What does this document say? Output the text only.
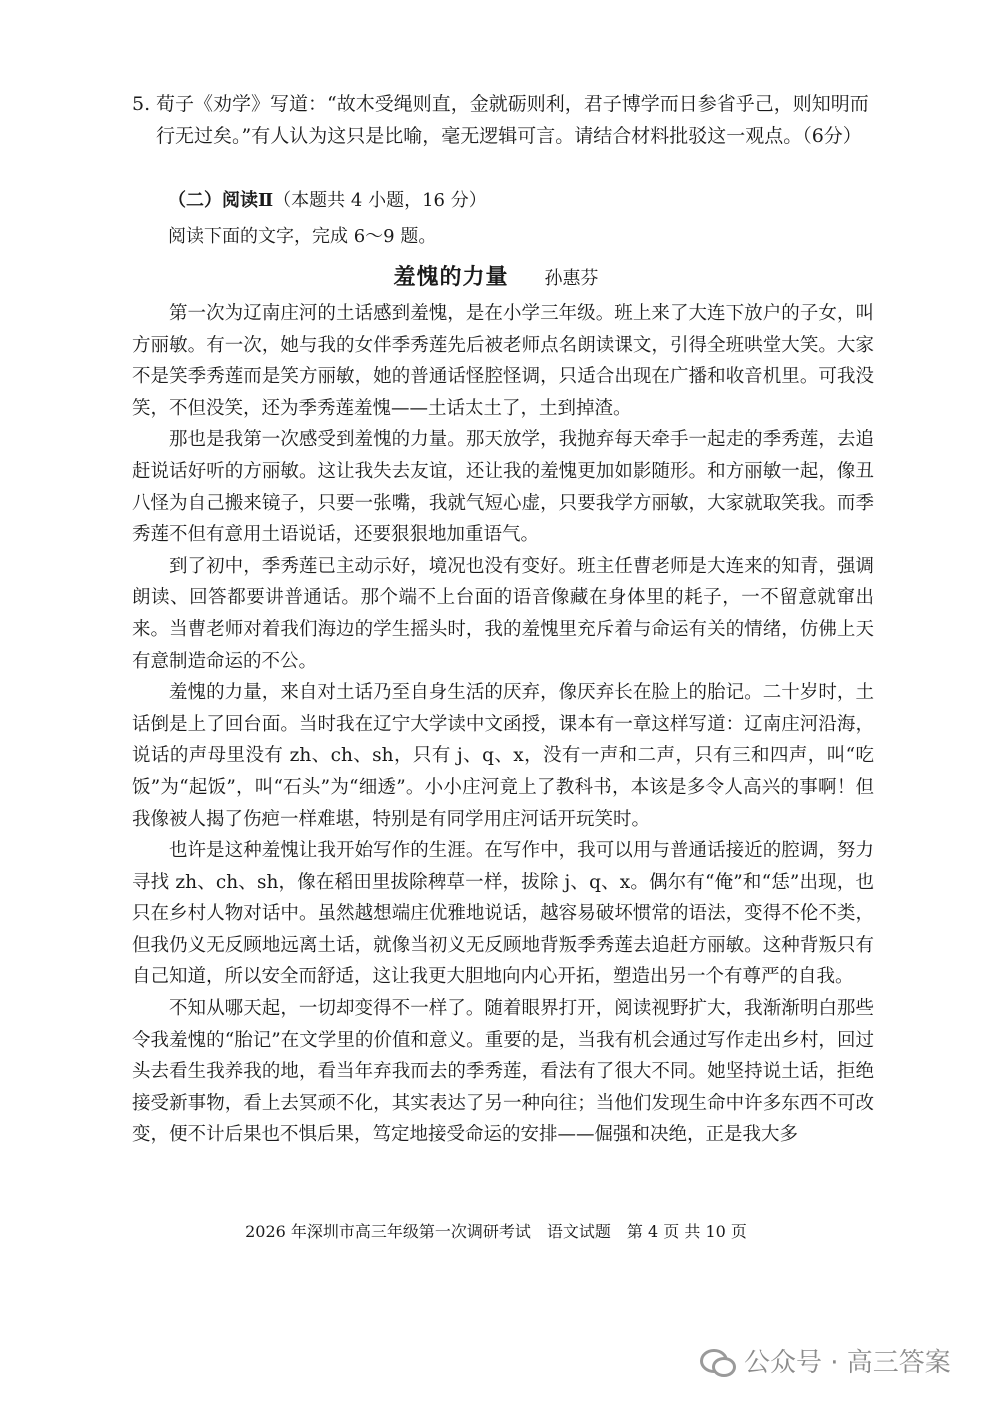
5. 荀子《劝学》写道：“故木受绳则直，金就砺则利，君子博学而日参省乎己，则知明而行无过矣。”有人认为这只是比喻，毫无逻辑可言。请结合材料批驳这一观点。（6分）
（二）阅读Ⅱ（本题共 4 小题，16 分）
阅读下面的文字，完成 6～9 题。
羞愧的力量 孙惠芬

第一次为辽南庄河的土话感到羞愧，是在小学三年级。班上来了大连下放户的子女，叫方丽敏。有一次，她与我的女伴季秀莲先后被老师点名朗读课文，引得全班哄堂大笑。大家不是笑季秀莲而是笑方丽敏，她的普通话怪腔怪调，只适合出现在广播和收音机里。可我没笑，不但没笑，还为季秀莲羞愧——土话太土了，土到掉渣。

那也是我第一次感受到羞愧的力量。那天放学，我抛弃每天牵手一起走的季秀莲，去追赶说话好听的方丽敏。这让我失去友谊，还让我的羞愧更加如影随形。和方丽敏一起，像丑八怪为自己搬来镜子，只要一张嘴，我就气短心虚，只要我学方丽敏，大家就取笑我。而季秀莲不但有意用土语说话，还要狠狠地加重语气。

到了初中，季秀莲已主动示好，境况也没有变好。班主任曹老师是大连来的知青，强调朗读、回答都要讲普通话。那个端不上台面的语音像藏在身体里的耗子，一不留意就窜出来。当曹老师对着我们海边的学生摇头时，我的羞愧里充斥着与命运有关的情绪，仿佛上天有意制造命运的不公。

羞愧的力量，来自对土话乃至自身生活的厌弃，像厌弃长在脸上的胎记。二十岁时，土话倒是上了回台面。当时我在辽宁大学读中文函授，课本有一章这样写道：辽南庄河沿海，说话的声母里没有 zh、ch、sh，只有 j、q、x，没有一声和二声，只有三和四声，叫“吃饭”为“起饭”，叫“石头”为“细透”。小小庄河竟上了教科书，本该是多令人高兴的事啊！但我像被人揭了伤疤一样难堪，特别是有同学用庄河话开玩笑时。

也许是这种羞愧让我开始写作的生涯。在写作中，我可以用与普通话接近的腔调，努力寻找 zh、ch、sh，像在稻田里拔除稗草一样，拔除 j、q、x。偶尔有“俺”和“恁”出现，也只在乡村人物对话中。虽然越想端庄优雅地说话，越容易破坏惯常的语法，变得不伦不类，但我仍义无反顾地远离土话，就像当初义无反顾地背叛季秀莲去追赶方丽敏。这种背叛只有自己知道，所以安全而舒适，这让我更大胆地向内心开拓，塑造出另一个有尊严的自我。

不知从哪天起，一切却变得不一样了。随着眼界打开，阅读视野扩大，我渐渐明白那些令我羞愧的“胎记”在文学里的价值和意义。重要的是，当我有机会通过写作走出乡村，回过头去看生我养我的地，看当年弃我而去的季秀莲，看法有了很大不同。她坚持说土话，拒绝接受新事物，看上去冥顽不化，其实表达了另一种向往；当他们发现生命中许多东西不可改变，便不计后果也不惧后果，笃定地接受命运的安排——倔强和决绝，正是我大多

2026 年深圳市高三年级第一次调研考试　语文试题　第 4 页 共 10 页
公众号 · 高三答案
